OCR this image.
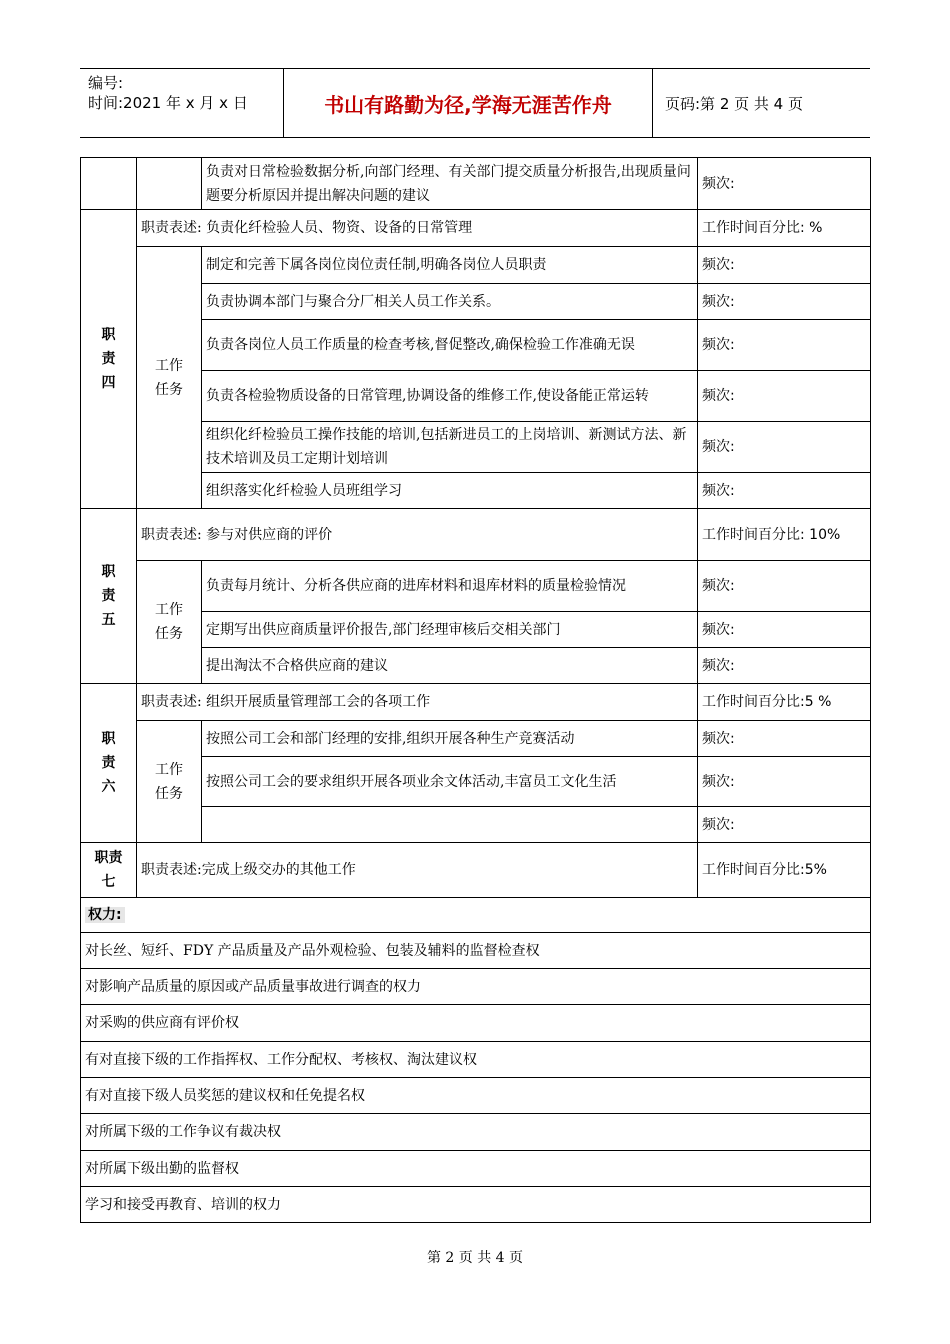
编号:
时间:2021 年 x 月 x 日	书山有路勤为径,学海无涯苦作舟	页码:第 2 页 共 4 页
		负责对日常检验数据分析,向部门经理、有关部门提交质量分析报告,出现质量问题要分析原因并提出解决问题的建议	频次:

职责四	职责表述: 负责化纤检验人员、物资、设备的日常管理		工作时间百分比: %

	工作任务	制定和完善下属各岗位岗位责任制,明确各岗位人员职责	频次:
		负责协调本部门与聚合分厂相关人员工作关系。	频次:
		负责各岗位人员工作质量的检查考核,督促整改,确保检验工作准确无误	频次:
		负责各检验物质设备的日常管理,协调设备的维修工作,使设备能正常运转	频次:
		组织化纤检验员工操作技能的培训,包括新进员工的上岗培训、新测试方法、新技术培训及员工定期计划培训	频次:
		组织落实化纤检验人员班组学习	频次:

职责五	职责表述: 参与对供应商的评价		工作时间百分比: 10%

	工作任务	负责每月统计、分析各供应商的进库材料和退库材料的质量检验情况	频次:
		定期写出供应商质量评价报告,部门经理审核后交相关部门	频次:
		提出淘汰不合格供应商的建议	频次:

职责六	职责表述: 组织开展质量管理部工会的各项工作		工作时间百分比:5 %

	工作任务	按照公司工会和部门经理的安排,组织开展各种生产竞赛活动	频次:
		按照公司工会的要求组织开展各项业余文体活动,丰富员工文化生活	频次:
			频次:

职责七	职责表述:完成上级交办的其他工作		工作时间百分比:5%
权力:			
对长丝、短纤、FDY 产品质量及产品外观检验、包装及辅料的监督检查权			
对影响产品质量的原因或产品质量事故进行调查的权力			
对采购的供应商有评价权			
有对直接下级的工作指挥权、工作分配权、考核权、淘汰建议权			
有对直接下级人员奖惩的建议权和任免提名权			
对所属下级的工作争议有裁决权			
对所属下级出勤的监督权			
学习和接受再教育、培训的权力			
第 2 页 共 4 页
